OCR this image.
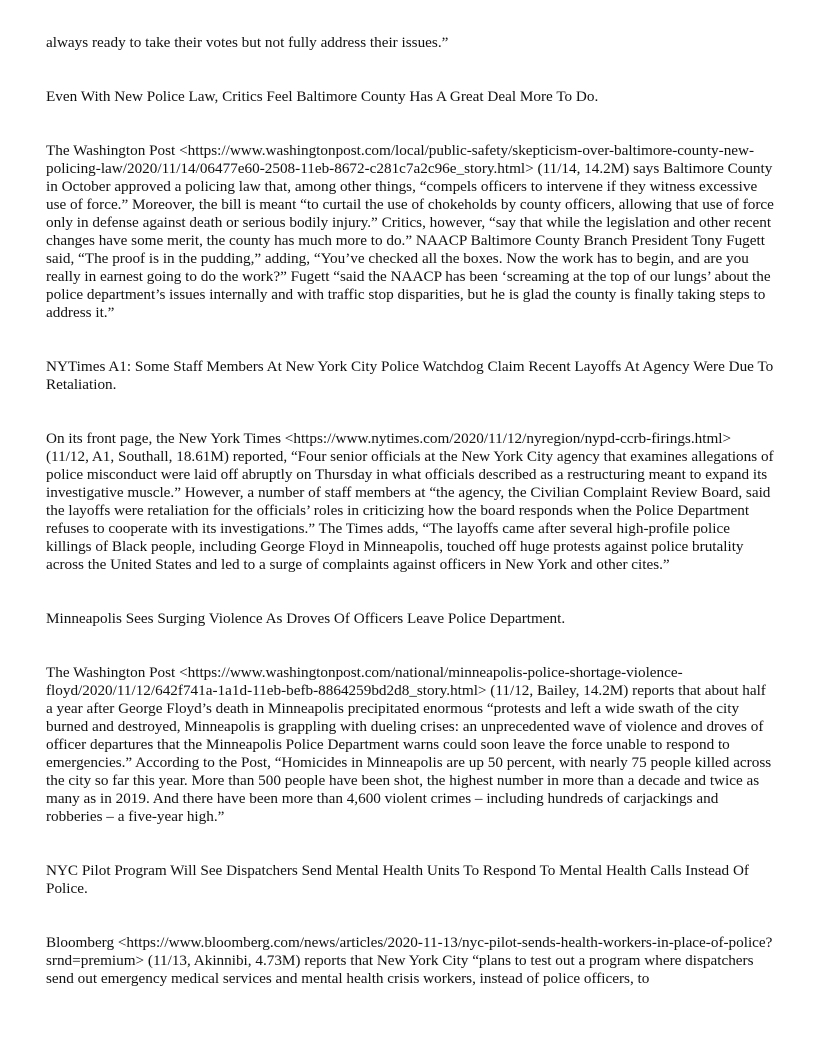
always ready to take their votes but not fully address their issues.”

Even With New Police Law, Critics Feel Baltimore County Has A Great Deal More To Do.

The Washington Post <https://www.washingtonpost.com/local/public-safety/skepticism-over-baltimore-county-new-policing-law/2020/11/14/06477e60-2508-11eb-8672-c281c7a2c96e_story.html> (11/14, 14.2M) says Baltimore County in October approved a policing law that, among other things, “compels officers to intervene if they witness excessive use of force.” Moreover, the bill is meant “to curtail the use of chokeholds by county officers, allowing that use of force only in defense against death or serious bodily injury.” Critics, however, “say that while the legislation and other recent changes have some merit, the county has much more to do.” NAACP Baltimore County Branch President Tony Fugett said, “The proof is in the pudding,” adding, “You’ve checked all the boxes. Now the work has to begin, and are you really in earnest going to do the work?” Fugett “said the NAACP has been ‘screaming at the top of our lungs’ about the police department’s issues internally and with traffic stop disparities, but he is glad the county is finally taking steps to address it.”

NYTimes A1: Some Staff Members At New York City Police Watchdog Claim Recent Layoffs At Agency Were Due To Retaliation.

On its front page, the New York Times <https://www.nytimes.com/2020/11/12/nyregion/nypd-ccrb-firings.html> (11/12, A1, Southall, 18.61M) reported, “Four senior officials at the New York City agency that examines allegations of police misconduct were laid off abruptly on Thursday in what officials described as a restructuring meant to expand its investigative muscle.” However, a number of staff members at “the agency, the Civilian Complaint Review Board, said the layoffs were retaliation for the officials’ roles in criticizing how the board responds when the Police Department refuses to cooperate with its investigations.” The Times adds, “The layoffs came after several high-profile police killings of Black people, including George Floyd in Minneapolis, touched off huge protests against police brutality across the United States and led to a surge of complaints against officers in New York and other cites.”

Minneapolis Sees Surging Violence As Droves Of Officers Leave Police Department.

The Washington Post <https://www.washingtonpost.com/national/minneapolis-police-shortage-violence-floyd/2020/11/12/642f741a-1a1d-11eb-befb-8864259bd2d8_story.html> (11/12, Bailey, 14.2M) reports that about half a year after George Floyd’s death in Minneapolis precipitated enormous “protests and left a wide swath of the city burned and destroyed, Minneapolis is grappling with dueling crises: an unprecedented wave of violence and droves of officer departures that the Minneapolis Police Department warns could soon leave the force unable to respond to emergencies.” According to the Post, “Homicides in Minneapolis are up 50 percent, with nearly 75 people killed across the city so far this year. More than 500 people have been shot, the highest number in more than a decade and twice as many as in 2019. And there have been more than 4,600 violent crimes – including hundreds of carjackings and robberies – a five-year high.”

NYC Pilot Program Will See Dispatchers Send Mental Health Units To Respond To Mental Health Calls Instead Of Police.

Bloomberg <https://www.bloomberg.com/news/articles/2020-11-13/nyc-pilot-sends-health-workers-in-place-of-police?srnd=premium> (11/13, Akinnibi, 4.73M) reports that New York City “plans to test out a program where dispatchers send out emergency medical services and mental health crisis workers, instead of police officers, to
